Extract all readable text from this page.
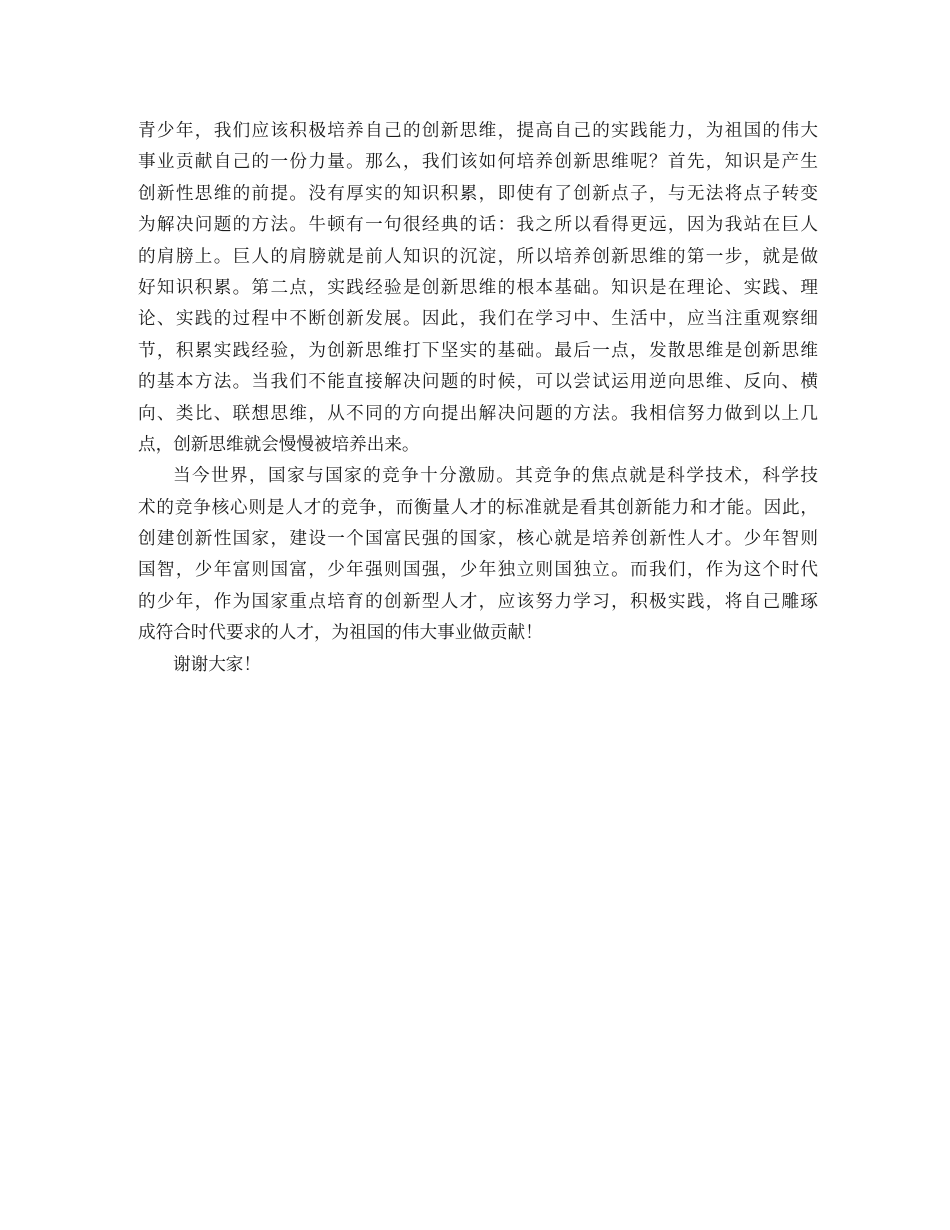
青少年，我们应该积极培养自己的创新思维，提高自己的实践能力，为祖国的伟大
事业贡献自己的一份力量。那么，我们该如何培养创新思维呢？首先，知识是产生
创新性思维的前提。没有厚实的知识积累，即使有了创新点子，与无法将点子转变
为解决问题的方法。牛顿有一句很经典的话：我之所以看得更远，因为我站在巨人
的肩膀上。巨人的肩膀就是前人知识的沉淀，所以培养创新思维的第一步，就是做
好知识积累。第二点，实践经验是创新思维的根本基础。知识是在理论、实践、理
论、实践的过程中不断创新发展。因此，我们在学习中、生活中，应当注重观察细
节，积累实践经验，为创新思维打下坚实的基础。最后一点，发散思维是创新思维
的基本方法。当我们不能直接解决问题的时候，可以尝试运用逆向思维、反向、横
向、类比、联想思维，从不同的方向提出解决问题的方法。我相信努力做到以上几
点，创新思维就会慢慢被培养出来。
当今世界，国家与国家的竞争十分激励。其竞争的焦点就是科学技术，科学技
术的竞争核心则是人才的竞争，而衡量人才的标准就是看其创新能力和才能。因此，
创建创新性国家，建设一个国富民强的国家，核心就是培养创新性人才。少年智则
国智，少年富则国富，少年强则国强，少年独立则国独立。而我们，作为这个时代
的少年，作为国家重点培育的创新型人才，应该努力学习，积极实践，将自己雕琢
成符合时代要求的人才，为祖国的伟大事业做贡献！
谢谢大家！
